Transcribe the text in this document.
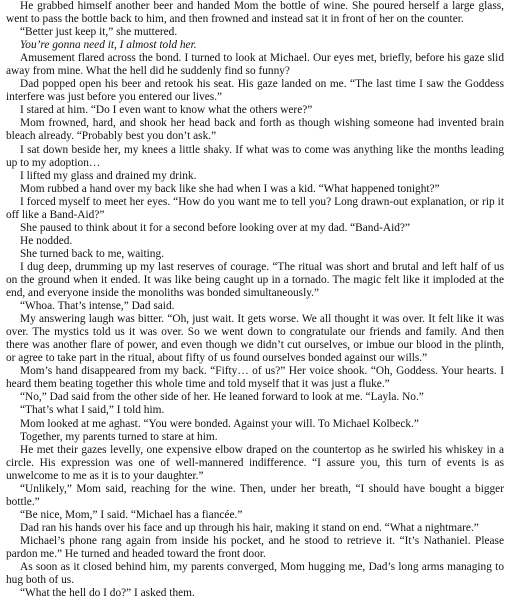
He grabbed himself another beer and handed Mom the bottle of wine. She poured herself a large glass, went to pass the bottle back to him, and then frowned and instead sat it in front of her on the counter.

“Better just keep it,” she muttered.

You’re gonna need it, I almost told her.

Amusement flared across the bond. I turned to look at Michael. Our eyes met, briefly, before his gaze slid away from mine. What the hell did he suddenly find so funny?

Dad popped open his beer and retook his seat. His gaze landed on me. “The last time I saw the Goddess interfere was just before you entered our lives.”

I stared at him. “Do I even want to know what the others were?”

Mom frowned, hard, and shook her head back and forth as though wishing someone had invented brain bleach already. “Probably best you don’t ask.”

I sat down beside her, my knees a little shaky. If what was to come was anything like the months leading up to my adoption…

I lifted my glass and drained my drink.

Mom rubbed a hand over my back like she had when I was a kid. “What happened tonight?”

I forced myself to meet her eyes. “How do you want me to tell you? Long drawn-out explanation, or rip it off like a Band-Aid?”

She paused to think about it for a second before looking over at my dad. “Band-Aid?”

He nodded.

She turned back to me, waiting.

I dug deep, drumming up my last reserves of courage. “The ritual was short and brutal and left half of us on the ground when it ended. It was like being caught up in a tornado. The magic felt like it imploded at the end, and everyone inside the monoliths was bonded simultaneously.”

“Whoa. That’s intense,” Dad said.

My answering laugh was bitter. “Oh, just wait. It gets worse. We all thought it was over. It felt like it was over. The mystics told us it was over. So we went down to congratulate our friends and family. And then there was another flare of power, and even though we didn’t cut ourselves, or imbue our blood in the plinth, or agree to take part in the ritual, about fifty of us found ourselves bonded against our wills.”

Mom’s hand disappeared from my back. “Fifty… of us?” Her voice shook. “Oh, Goddess. Your hearts. I heard them beating together this whole time and told myself that it was just a fluke.”

“No,” Dad said from the other side of her. He leaned forward to look at me. “Layla. No.”

“That’s what I said,” I told him.

Mom looked at me aghast. “You were bonded. Against your will. To Michael Kolbeck.”

Together, my parents turned to stare at him.

He met their gazes levelly, one expensive elbow draped on the countertop as he swirled his whiskey in a circle. His expression was one of well-mannered indifference. “I assure you, this turn of events is as unwelcome to me as it is to your daughter.”

“Unlikely,” Mom said, reaching for the wine. Then, under her breath, “I should have bought a bigger bottle.”

“Be nice, Mom,” I said. “Michael has a fiancée.”

Dad ran his hands over his face and up through his hair, making it stand on end. “What a nightmare.”

Michael’s phone rang again from inside his pocket, and he stood to retrieve it. “It’s Nathaniel. Please pardon me.” He turned and headed toward the front door.

As soon as it closed behind him, my parents converged, Mom hugging me, Dad’s long arms managing to hug both of us.

“What the hell do I do?” I asked them.
